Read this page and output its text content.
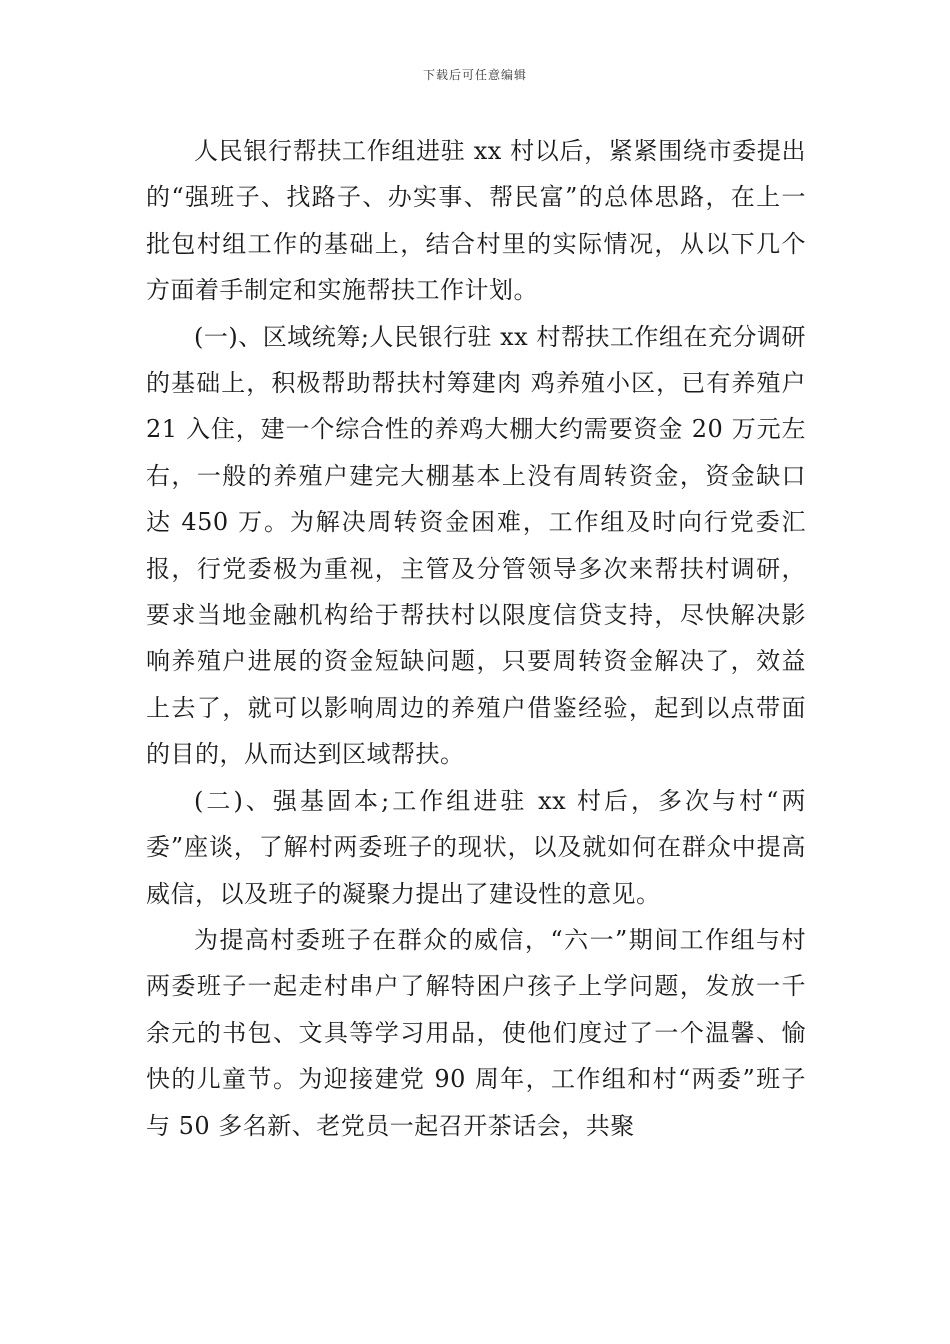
下载后可任意编辑

人民银行帮扶工作组进驻 xx 村以后，紧紧围绕市委提出的“强班子、找路子、办实事、帮民富”的总体思路，在上一批包村组工作的基础上，结合村里的实际情况，从以下几个方面着手制定和实施帮扶工作计划。

(一)、区域统筹;人民银行驻 xx 村帮扶工作组在充分调研的基础上，积极帮助帮扶村筹建肉 鸡养殖小区，已有养殖户 21 入住，建一个综合性的养鸡大棚大约需要资金 20 万元左右，一般的养殖户建完大棚基本上没有周转资金，资金缺口达 450 万。为解决周转资金困难，工作组及时向行党委汇报，行党委极为重视，主管及分管领导多次来帮扶村调研，要求当地金融机构给于帮扶村以限度信贷支持，尽快解决影响养殖户进展的资金短缺问题，只要周转资金解决了，效益上去了，就可以影响周边的养殖户借鉴经验，起到以点带面的目的，从而达到区域帮扶。

(二)、强基固本;工作组进驻 xx 村后，多次与村“两委”座谈，了解村两委班子的现状，以及就如何在群众中提高威信，以及班子的凝聚力提出了建设性的意见。

为提高村委班子在群众的威信，“六一”期间工作组与村两委班子一起走村串户了解特困户孩子上学问题，发放一千余元的书包、文具等学习用品，使他们度过了一个温馨、愉快的儿童节。为迎接建党 90 周年，工作组和村“两委”班子与 50 多名新、老党员一起召开茶话会，共聚
